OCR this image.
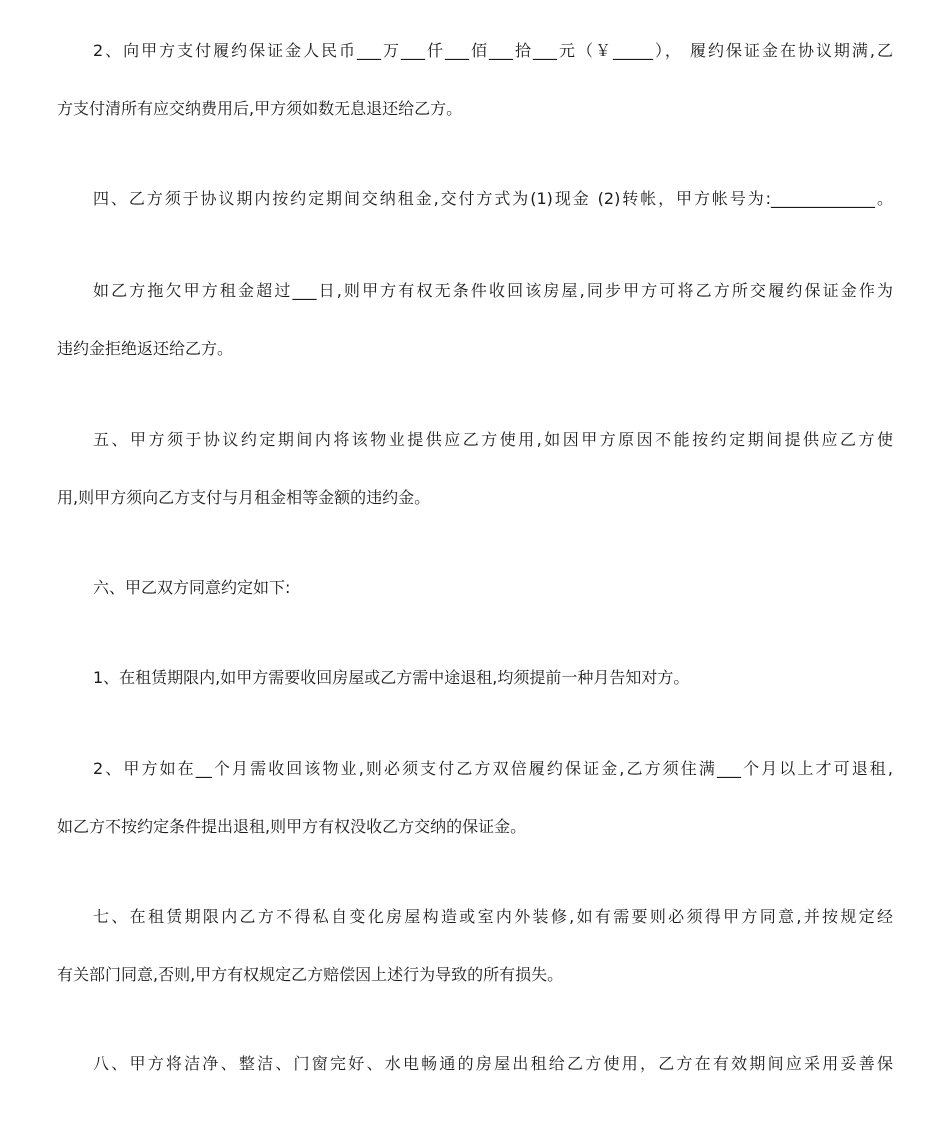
2、向甲方支付履约保证金人民币___万___仟___佰___拾___元（￥_____）， 履约保证金在协议期满,乙
方支付清所有应交纳费用后,甲方须如数无息退还给乙方。
四、乙方须于协议期内按约定期间交纳租金,交付方式为(1)现金 (2)转帐，甲方帐号为:_____________。
如乙方拖欠甲方租金超过___日,则甲方有权无条件收回该房屋,同步甲方可将乙方所交履约保证金作为
违约金拒绝返还给乙方。
五、甲方须于协议约定期间内将该物业提供应乙方使用,如因甲方原因不能按约定期间提供应乙方使
用,则甲方须向乙方支付与月租金相等金额的违约金。
六、甲乙双方同意约定如下:
1、在租赁期限内,如甲方需要收回房屋或乙方需中途退租,均须提前一种月告知对方。
2、甲方如在__个月需收回该物业,则必须支付乙方双倍履约保证金,乙方须住满___个月以上才可退租,
如乙方不按约定条件提出退租,则甲方有权没收乙方交纳的保证金。
七、在租赁期限内乙方不得私自变化房屋构造或室内外装修,如有需要则必须得甲方同意,并按规定经
有关部门同意,否则,甲方有权规定乙方赔偿因上述行为导致的所有损失。
八、甲方将洁净、整洁、门窗完好、水电畅通的房屋出租给乙方使用，乙方在有效期间应采用妥善保
